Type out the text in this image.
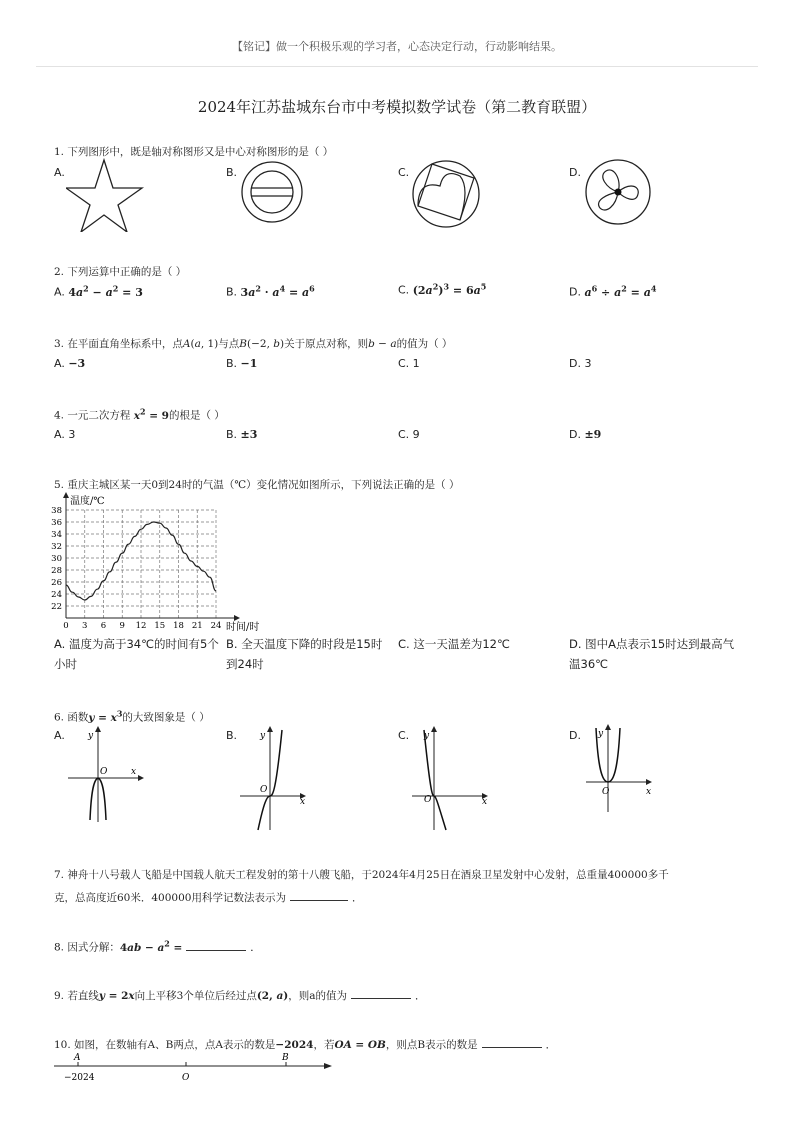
【铭记】做一个积极乐观的学习者，心态决定行动，行动影响结果。
2024年江苏盐城东台市中考模拟数学试卷（第二教育联盟）
1. 下列图形中，既是轴对称图形又是中心对称图形的是（ ）
A.	B.	C.	D.
2. 下列运算中正确的是（ ）
A. $4a^2 - a^2 = 3$	B. $3a^2 \cdot a^4 = a^6$	C. $(2a^2)^3 = 6a^5$	D. $a^6 \div a^2 = a^4$
3. 在平面直角坐标系中，点A(a, 1)与点B(−2, b)关于原点对称，则b − a的值为（ ）
A. −3	B. −1	C. 1	D. 3
4. 一元二次方程 $x^2 = 9$的根是（ ）
A. 3	B. ±3	C. 9	D. ±9
5. 重庆主城区某一天0到24时的气温（℃）变化情况如图所示，下列说法正确的是（ ）
温度/℃
时间/时
38
36
34
32
30
28
26
24
22
0 3 6 9 12 15 18 21 24
A. 温度为高于34℃的时间有5个小时
B. 全天温度下降的时段是15时到24时
C. 这一天温差为12℃	D. 图中A点表示15时达到最高气温36℃
6. 函数$y = x^3$的大致图象是（ ）
A.	B.	C.	D.
y
x
O
y
x
O
y
x
O
y
x
O
7. 神舟十八号载人飞船是中国载人航天工程发射的第十八艘飞船，于2024年4月25日在酒泉卫星发射中心发射，总重量400000多千
克，总高度近60米．400000用科学记数法表示为	．
8. 因式分解：$4ab - a^2$ =	．
9. 若直线y = 2x向上平移3个单位后经过点(2, a)，则a的值为	．
10. 如图，在数轴有A、B两点，点A表示的数是−2024，若OA = OB，则点B表示的数是	．
A	B
−2024	O
